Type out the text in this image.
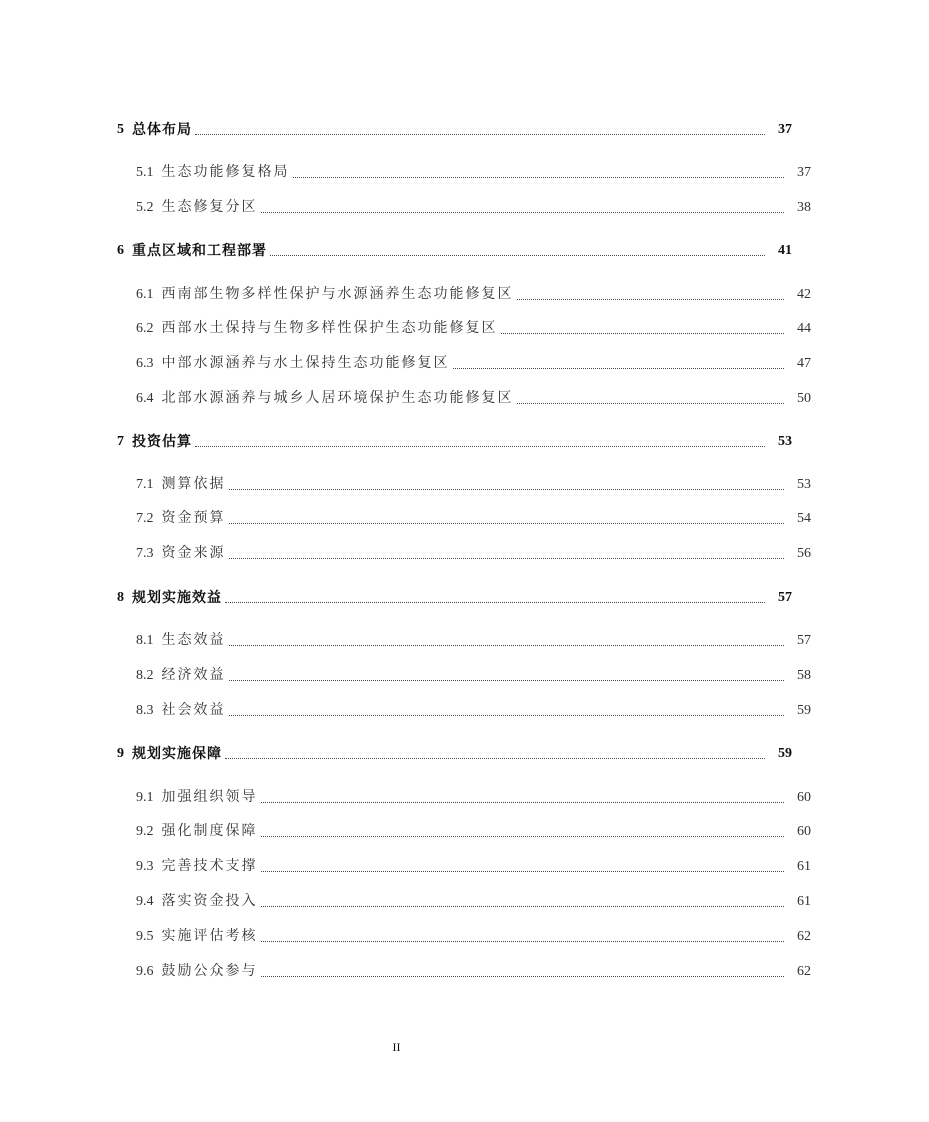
5 总体布局	37
5.1 生态功能修复格局	37
5.2 生态修复分区	38
6 重点区域和工程部署	41
6.1 西南部生物多样性保护与水源涵养生态功能修复区	42
6.2 西部水土保持与生物多样性保护生态功能修复区	44
6.3 中部水源涵养与水土保持生态功能修复区	47
6.4 北部水源涵养与城乡人居环境保护生态功能修复区	50
7 投资估算	53
7.1 测算依据	53
7.2 资金预算	54
7.3 资金来源	56
8 规划实施效益	57
8.1 生态效益	57
8.2 经济效益	58
8.3 社会效益	59
9 规划实施保障	59
9.1 加强组织领导	60
9.2 强化制度保障	60
9.3 完善技术支撑	61
9.4 落实资金投入	61
9.5 实施评估考核	62
9.6 鼓励公众参与	62
II
